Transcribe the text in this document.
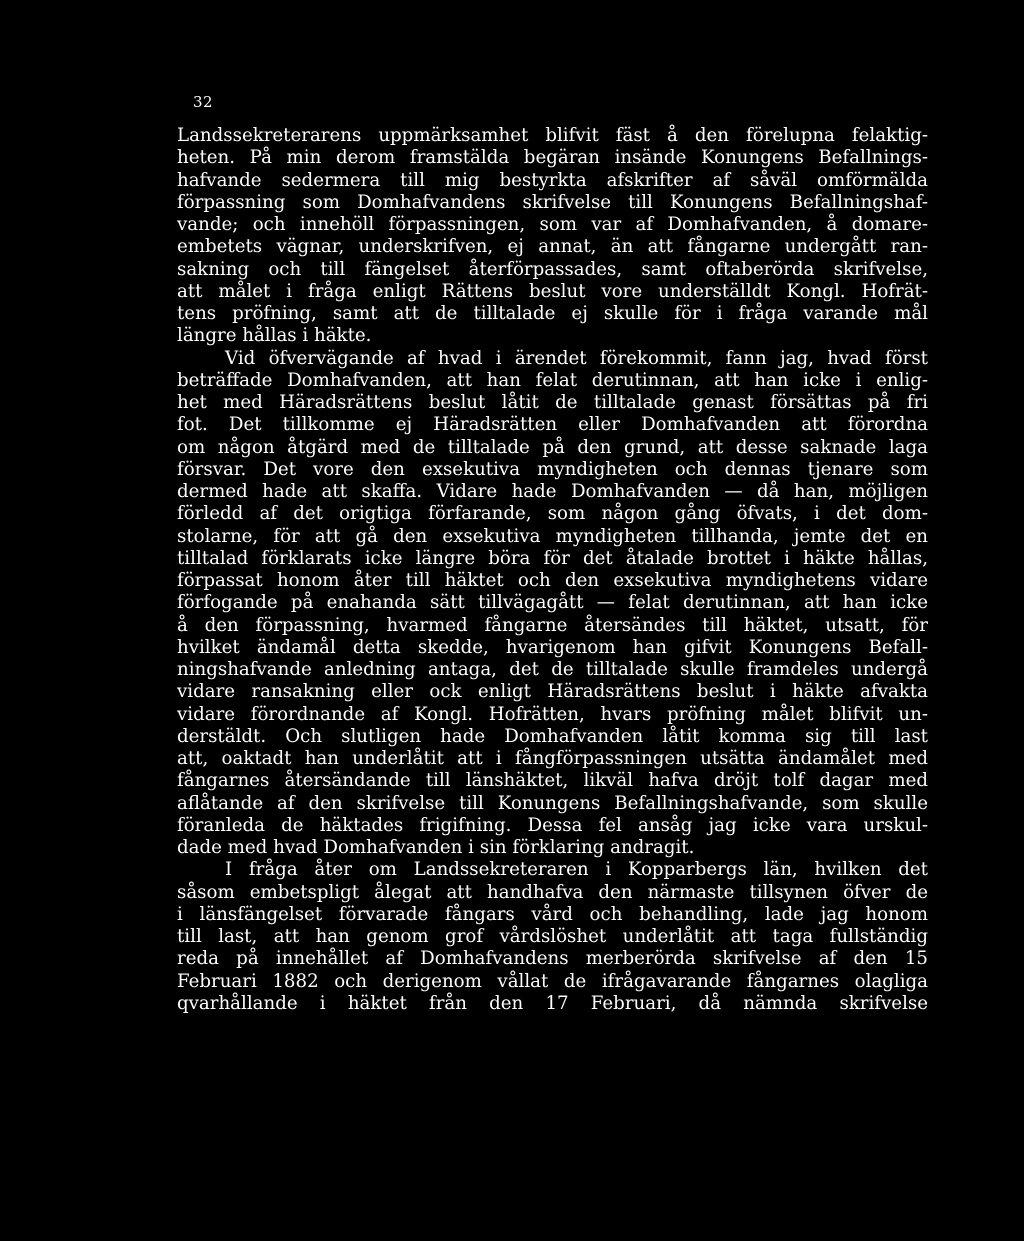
32
Landssekreterarens uppmärksamhet blifvit fäst å den förelupna felaktig-
heten. På min derom framstälda begäran insände Konungens Befallnings-
hafvande sedermera till mig bestyrkta afskrifter af såväl omförmälda
förpassning som Domhafvandens skrifvelse till Konungens Befallningshaf-
vande; och innehöll förpassningen, som var af Domhafvanden, å domare-
embetets vägnar, underskrifven, ej annat, än att fångarne undergått ran-
sakning och till fängelset återförpassades, samt oftaberörda skrifvelse,
att målet i fråga enligt Rättens beslut vore underställdt Kongl. Hofrät-
tens pröfning, samt att de tilltalade ej skulle för i fråga varande mål
längre hållas i häkte.
Vid öfvervägande af hvad i ärendet förekommit, fann jag, hvad först
beträffade Domhafvanden, att han felat derutinnan, att han icke i enlig-
het med Häradsrättens beslut låtit de tilltalade genast försättas på fri
fot. Det tillkomme ej Häradsrätten eller Domhafvanden att förordna
om någon åtgärd med de tilltalade på den grund, att desse saknade laga
försvar. Det vore den exsekutiva myndigheten och dennas tjenare som
dermed hade att skaffa. Vidare hade Domhafvanden — då han, möjligen
förledd af det origtiga förfarande, som någon gång öfvats, i det dom-
stolarne, för att gå den exsekutiva myndigheten tillhanda, jemte det en
tilltalad förklarats icke längre böra för det åtalade brottet i häkte hållas,
förpassat honom åter till häktet och den exsekutiva myndighetens vidare
förfogande på enahanda sätt tillvägagått — felat derutinnan, att han icke
å den förpassning, hvarmed fångarne återsändes till häktet, utsatt, för
hvilket ändamål detta skedde, hvarigenom han gifvit Konungens Befall-
ningshafvande anledning antaga, det de tilltalade skulle framdeles undergå
vidare ransakning eller ock enligt Häradsrättens beslut i häkte afvakta
vidare förordnande af Kongl. Hofrätten, hvars pröfning målet blifvit un-
derstäldt. Och slutligen hade Domhafvanden låtit komma sig till last
att, oaktadt han underlåtit att i fångförpassningen utsätta ändamålet med
fångarnes återsändande till länshäktet, likväl hafva dröjt tolf dagar med
aflåtande af den skrifvelse till Konungens Befallningshafvande, som skulle
föranleda de häktades frigifning. Dessa fel ansåg jag icke vara urskul-
dade med hvad Domhafvanden i sin förklaring andragit.
I fråga åter om Landssekreteraren i Kopparbergs län, hvilken det
såsom embetspligt ålegat att handhafva den närmaste tillsynen öfver de
i länsfängelset förvarade fångars vård och behandling, lade jag honom
till last, att han genom grof vårdslöshet underlåtit att taga fullständig
reda på innehållet af Domhafvandens merberörda skrifvelse af den 15
Februari 1882 och derigenom vållat de ifrågavarande fångarnes olagliga
qvarhållande i häktet från den 17 Februari, då nämnda skrifvelse
